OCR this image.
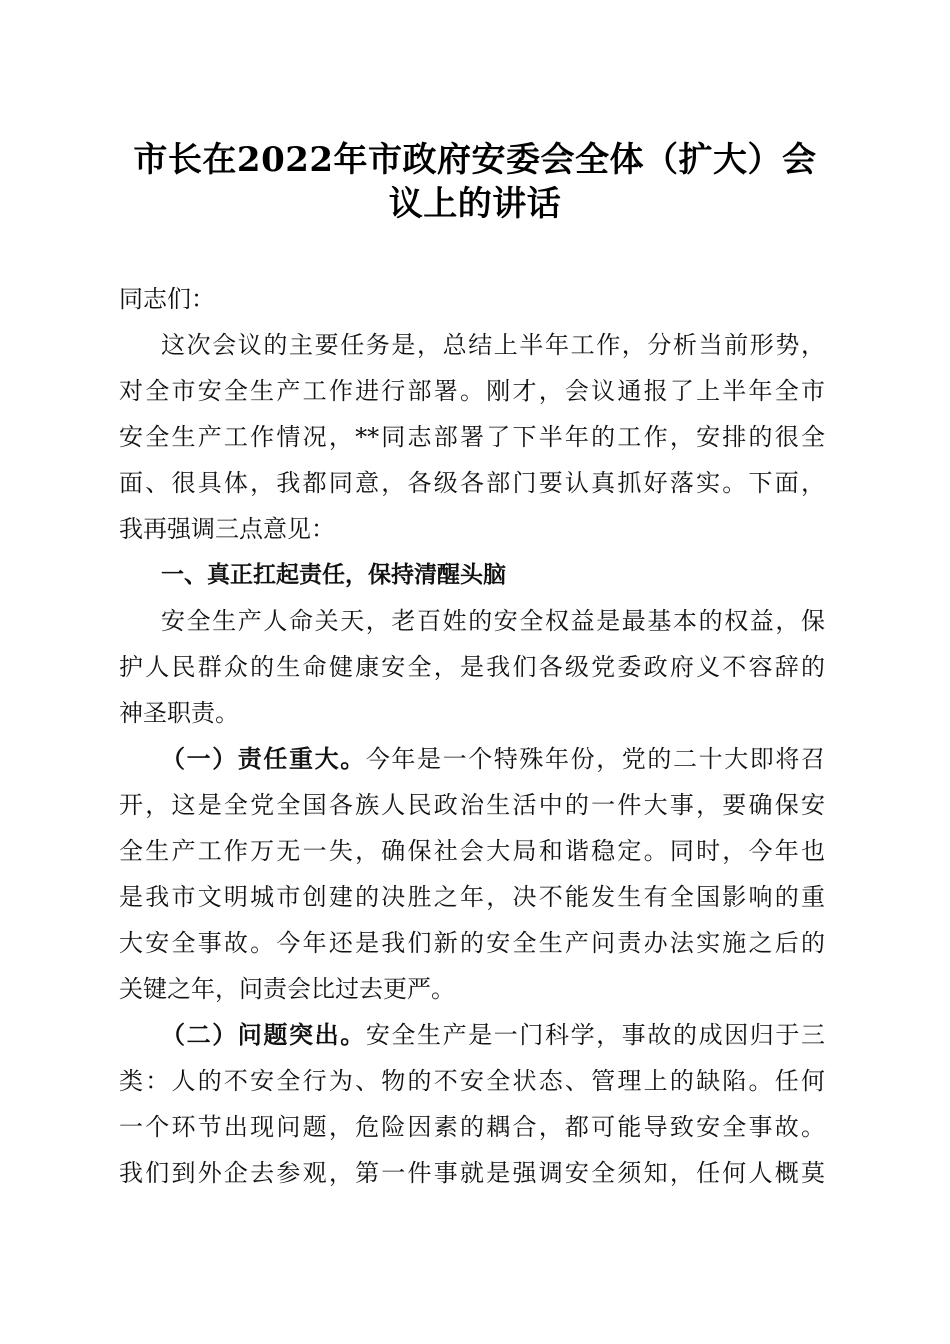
市长在2022年市政府安委会全体（扩大）会
议上的讲话
同志们：
这次会议的主要任务是，总结上半年工作，分析当前形势，
对全市安全生产工作进行部署。刚才，会议通报了上半年全市
安全生产工作情况，**同志部署了下半年的工作，安排的很全
面、很具体，我都同意，各级各部门要认真抓好落实。下面，
我再强调三点意见：
一、真正扛起责任，保持清醒头脑
安全生产人命关天，老百姓的安全权益是最基本的权益，保
护人民群众的生命健康安全，是我们各级党委政府义不容辞的
神圣职责。
（一）责任重大。今年是一个特殊年份，党的二十大即将召
开，这是全党全国各族人民政治生活中的一件大事，要确保安
全生产工作万无一失，确保社会大局和谐稳定。同时，今年也
是我市文明城市创建的决胜之年，决不能发生有全国影响的重
大安全事故。今年还是我们新的安全生产问责办法实施之后的
关键之年，问责会比过去更严。
（二）问题突出。安全生产是一门科学，事故的成因归于三
类：人的不安全行为、物的不安全状态、管理上的缺陷。任何
一个环节出现问题，危险因素的耦合，都可能导致安全事故。
我们到外企去参观，第一件事就是强调安全须知，任何人概莫
